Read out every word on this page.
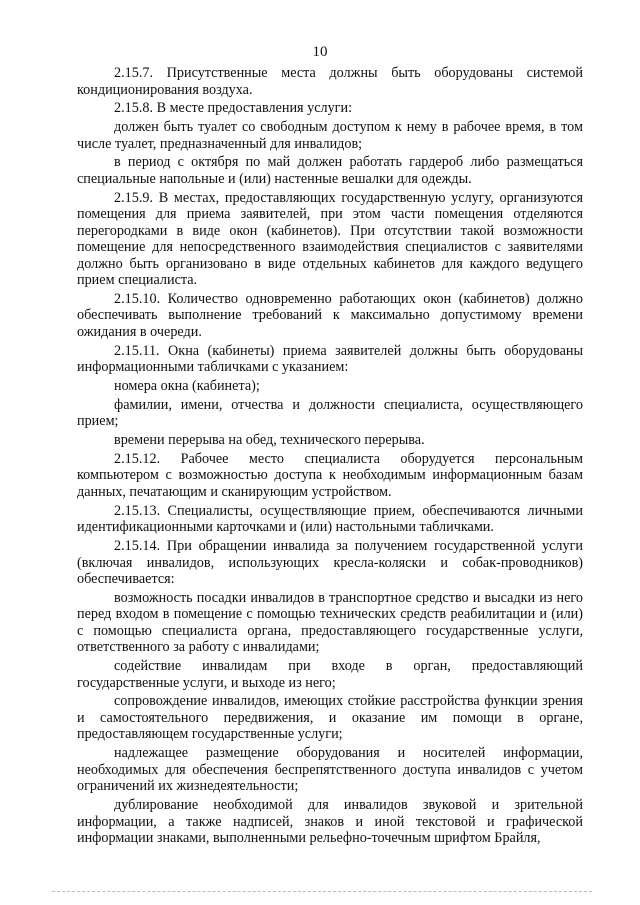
10

2.15.7. Присутственные места должны быть оборудованы системой кондиционирования воздуха.

2.15.8. В месте предоставления услуги:

должен быть туалет со свободным доступом к нему в рабочее время, в том числе туалет, предназначенный для инвалидов;

в период с октября по май должен работать гардероб либо размещаться специальные напольные и (или) настенные вешалки для одежды.

2.15.9. В местах, предоставляющих государственную услугу, организуются помещения для приема заявителей, при этом части помещения отделяются перегородками в виде окон (кабинетов). При отсутствии такой возможности помещение для непосредственного взаимодействия специалистов с заявителями должно быть организовано в виде отдельных кабинетов для каждого ведущего прием специалиста.

2.15.10. Количество одновременно работающих окон (кабинетов) должно обеспечивать выполнение требований к максимально допустимому времени ожидания в очереди.

2.15.11. Окна (кабинеты) приема заявителей должны быть оборудованы информационными табличками с указанием:

номера окна (кабинета);

фамилии, имени, отчества и должности специалиста, осуществляющего прием;

времени перерыва на обед, технического перерыва.

2.15.12. Рабочее место специалиста оборудуется персональным компьютером с возможностью доступа к необходимым информационным базам данных, печатающим и сканирующим устройством.

2.15.13. Специалисты, осуществляющие прием, обеспечиваются личными идентификационными карточками и (или) настольными табличками.

2.15.14. При обращении инвалида за получением государственной услуги (включая инвалидов, использующих кресла-коляски и собак-проводников) обеспечивается:

возможность посадки инвалидов в транспортное средство и высадки из него перед входом в помещение с помощью технических средств реабилитации и (или) с помощью специалиста органа, предоставляющего государственные услуги, ответственного за работу с инвалидами;

содействие инвалидам при входе в орган, предоставляющий государственные услуги, и выходе из него;

сопровождение инвалидов, имеющих стойкие расстройства функции зрения и самостоятельного передвижения, и оказание им помощи в органе, предоставляющем государственные услуги;

надлежащее размещение оборудования и носителей информации, необходимых для обеспечения беспрепятственного доступа инвалидов с учетом ограничений их жизнедеятельности;

дублирование необходимой для инвалидов звуковой и зрительной информации, а также надписей, знаков и иной текстовой и графической информации знаками, выполненными рельефно-точечным шрифтом Брайля,
